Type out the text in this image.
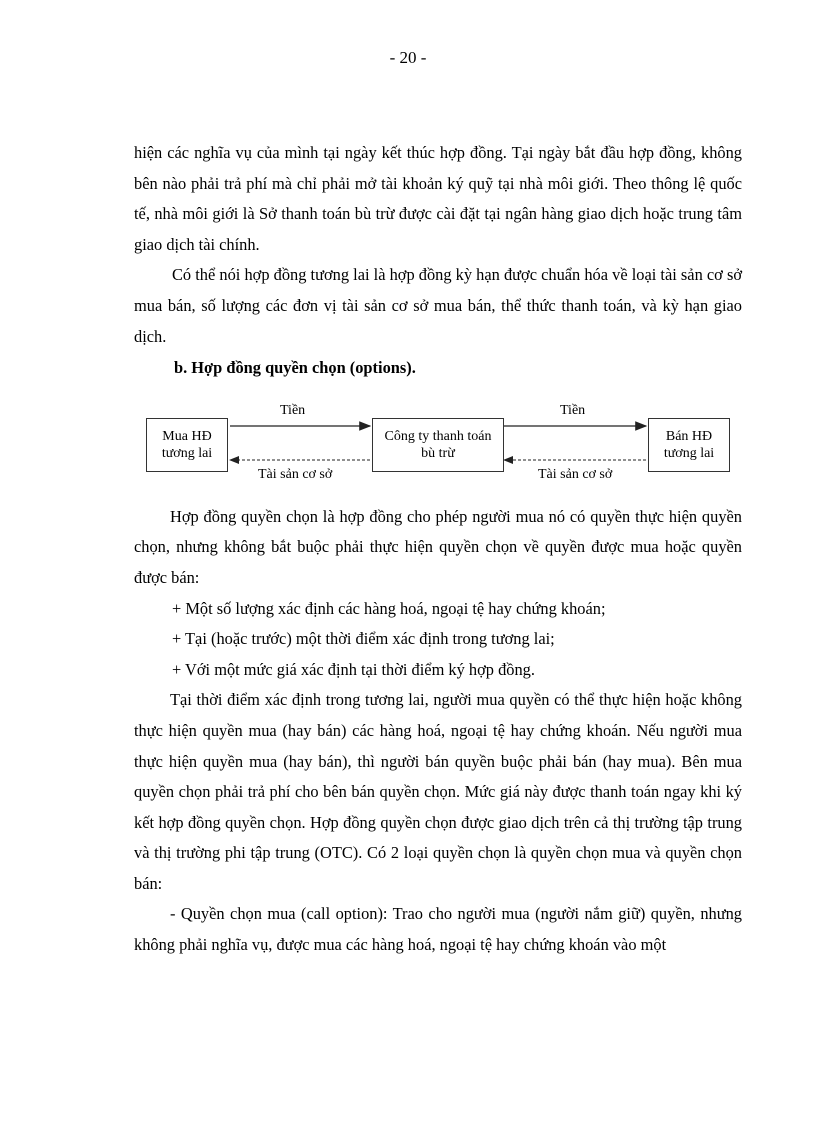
- 20 -

hiện các nghĩa vụ của mình tại ngày kết thúc hợp đồng. Tại ngày bắt đầu hợp đồng, không bên nào phải trả phí mà chỉ phải mở tài khoản ký quỹ tại nhà môi giới. Theo thông lệ quốc tế, nhà môi giới là Sở thanh toán bù trừ được cài đặt tại ngân hàng giao dịch hoặc trung tâm giao dịch tài chính.

Có thể nói hợp đồng tương lai là hợp đồng kỳ hạn được chuẩn hóa về loại tài sản cơ sở mua bán, số lượng các đơn vị tài sản cơ sở mua bán, thể thức thanh toán, và kỳ hạn giao dịch.

b. Hợp đồng quyền chọn (options).

Mua HĐ
tương lai
Công ty thanh toán
bù trừ
Bán HĐ
tương lai
Tiền
Tài sản cơ sở
Tiền
Tài sản cơ sở

Hợp đồng quyền chọn là hợp đồng cho phép người mua nó có quyền thực hiện quyền chọn, nhưng không bắt buộc phải thực hiện quyền chọn về quyền được mua hoặc quyền được bán:

+ Một số lượng xác định các hàng hoá, ngoại tệ hay chứng khoán;

+ Tại (hoặc trước) một thời điểm xác định trong tương lai;

+ Với một mức giá xác định tại thời điểm ký hợp đồng.

Tại thời điểm xác định trong tương lai, người mua quyền có thể thực hiện hoặc không thực hiện quyền mua (hay bán) các hàng hoá, ngoại tệ hay chứng khoán. Nếu người mua thực hiện quyền mua (hay bán), thì người bán quyền buộc phải bán (hay mua). Bên mua quyền chọn phải trả phí cho bên bán quyền chọn. Mức giá này được thanh toán ngay khi ký kết hợp đồng quyền chọn. Hợp đồng quyền chọn được giao dịch trên cả thị trường tập trung và thị trường phi tập trung (OTC). Có 2 loại quyền chọn là quyền chọn mua và quyền chọn bán:

- Quyền chọn mua (call option): Trao cho người mua (người nắm giữ) quyền, nhưng không phải nghĩa vụ, được mua các hàng hoá, ngoại tệ hay chứng khoán vào một
